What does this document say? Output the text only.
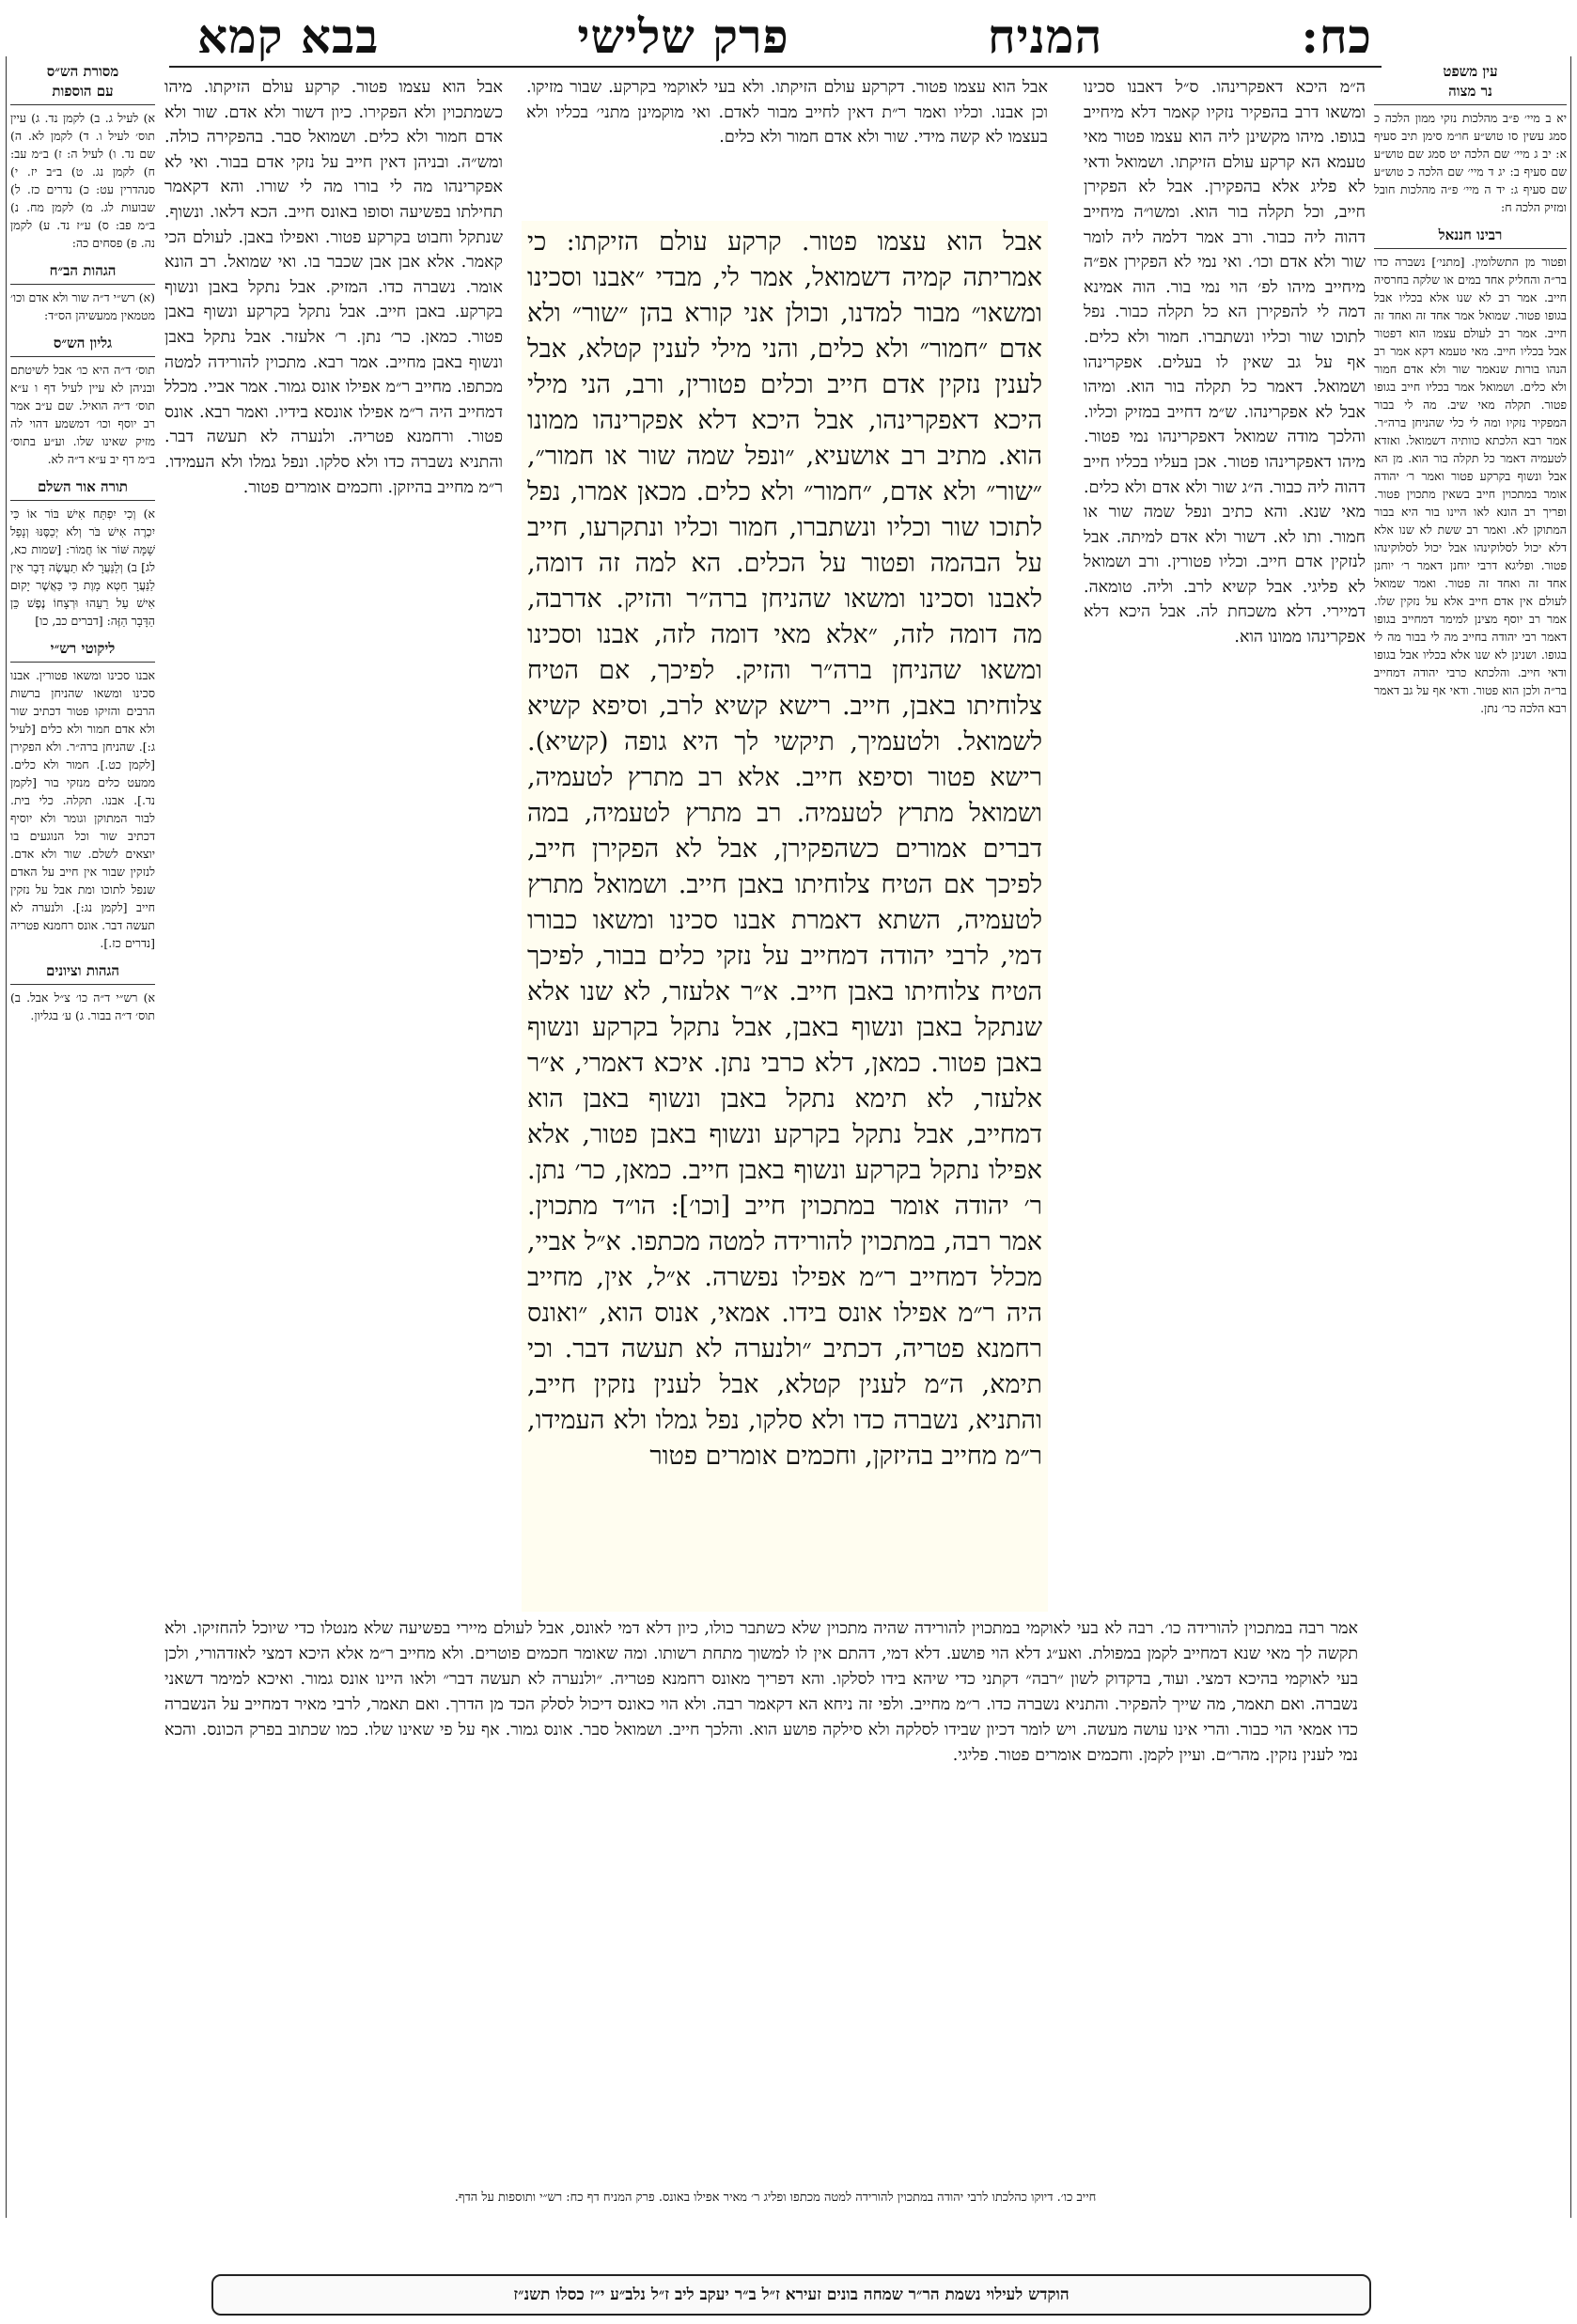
כח:
המניח
פרק שלישי
בבא קמא
עין משפט
נר מצוה
יא ב מיי׳ פ״ב מהלכות נזקי ממון הלכה כ סמג עשין סו טוש״ע חו״מ סימן תיב סעיף א: יב ג מיי׳ שם הלכה יט סמג שם טוש״ע שם סעיף ב: יג ד מיי׳ שם הלכה כ טוש״ע שם סעיף ג: יד ה מיי׳ פ״ה מהלכות חובל ומזיק הלכה ח:
רבינו חננאל
ופטור מן התשלומין. [מתני׳] נשברה כדו בר״ה והחליק אחד במים או שלקה בחרסיה חייב. אמר רב לא שנו אלא בכליו אבל בגופו פטור. שמואל אמר אחד זה ואחד זה חייב. אמר רב לעולם עצמו הוא דפטור אבל בכליו חייב. מאי טעמא דקא אמר רב הנהו בורות שנאמר שור ולא אדם חמור ולא כלים. ושמואל אמר בכליו חייב בגופו פטור. תקלה מאי שיב. מה לי בבור המפקיר נזקיו ומה לי כלי שהניחן ברה״ר. אמר רבא הלכתא כוותיה דשמואל. ואזדא לטעמיה דאמר כל תקלה בור הוא. מן הא אבל ונשוף בקרקע פטור ואמר ר׳ יהודה אומר במתכוין חייב בשאין מתכוין פטור. ופריך רב הונא לאו היינו בור היא בבור המתוקן לא. ואמר רב ששת לא שנו אלא דלא יכול לסלוקינהו אבל יכול לסלוקינהו פטור. ופליגא דרבי יוחנן דאמר ר׳ יוחנן אחד זה ואחד זה פטור. ואמר שמואל לעולם אין אדם חייב אלא על נזקין שלו. אמר רב יוסף מצינן למימר דמחייב בגופו דאמר רבי יהודה בחייב מה לי בבור מה לי בגופו. ושנינן לא שנו אלא בכליו אבל בגופו ודאי חייב. והלכתא כרבי יהודה דמחייב בר״ה ולכן הוא פטור. ודאי אף על גב דאמר רבא הלכה כר׳ נתן.
מסורת הש״ס
עם הוספות
א) לעיל ג. ב) לקמן נד. ג) עיין תוס׳ לעיל ו. ד) לקמן לא. ה) שם נד. ו) לעיל ה: ז) ב״מ עב: ח) לקמן נג. ט) ב״ב יז. י) סנהדרין עט: כ) נדרים כז. ל) שבועות לג. מ) לקמן מח. נ) ב״מ פב: ס) ע״ז נד. ע) לקמן נה. פ) פסחים כה:
הגהות הב״ח
(א) רש״י ד״ה שור ולא אדם וכו׳ מטמאין ממעשיהן הס״ד:
גליון הש״ס
תוס׳ ד״ה היא כו׳ אבל לשיטתם ובניהן לא עיין לעיל דף ו ע״א תוס׳ ד״ה הואיל. שם ע״ב אמר רב יוסף וכו׳ דמשמע דהוי לה מזיק שאינו שלו. וע״ע בתוס׳ ב״מ דף יב ע״א ד״ה לא.
תורה אור השלם
א) וְכִי יִפְתַּח אִישׁ בּוֹר אוֹ כִּי יִכְרֶה אִישׁ בֹּר וְלֹא יְכַסֶּנּוּ וְנָפַל שָׁמָּה שּׁוֹר אוֹ חֲמוֹר: [שמות כא, לג] ב) וְלַנַּעֲרָ לֹא תַעֲשֶׂה דָבָר אֵין לַנַּעֲרָ חֵטְא מָוֶת כִּי כַּאֲשֶׁר יָקוּם אִישׁ עַל רֵעֵהוּ וּרְצָחוֹ נֶפֶשׁ כֵּן הַדָּבָר הַזֶּה: [דברים כב, כו]
ליקוטי רש״י
אבנו סכינו ומשאו פטורין. אבנו סכינו ומשאו שהניחן ברשות הרבים והזיקו פטור דכתיב שור ולא אדם חמור ולא כלים [לעיל ג:]. שהניחן ברה״ר. ולא הפקירן [לקמן כט.]. חמור ולא כלים. ממעט כלים מנזקי בור [לקמן נד.]. אבנו. תקלה. כלי בית. לבור המתוקן וגומר ולא יוסיף דכתיב שור וכל הנוגעים בו יוצאים לשלם. שור ולא אדם. לנזקין שבור אין חייב על האדם שנפל לתוכו ומת אבל על נזקין חייב [לקמן נג:]. ולנערה לא תעשה דבר. אונס רחמנא פטריה [נדרים כז.].
הגהות וציונים
א) רש״י ד״ה כו׳ צ״ל אבל. ב) תוס׳ ד״ה בבור. ג) ע׳ בגליון.
אבל הוא עצמו פטור. דקרקע עולם הזיקתו. ולא בעי לאוקמי בקרקע. שבור מזיקו. וכן אבנו. וכליו ואמר ר״ת דאין לחייב מבור לאדם. ואי מוקמינן מתני׳ בכליו ולא בעצמו לא קשה מידי. שור ולא אדם חמור ולא כלים.
ה״מ היכא דאפקרינהו. ס״ל דאבנו סכינו ומשאו דרב בהפקיר נזקיו קאמר דלא מיחייב בגופו. מיהו מקשינן ליה הוא עצמו פטור מאי טעמא הא קרקע עולם הזיקתו. ושמואל ודאי לא פליג אלא בהפקירן. אבל לא הפקירן חייב, וכל תקלה בור הוא. ומשו״ה מיחייב דהוה ליה כבור. ורב אמר דלמה ליה לומר שור ולא אדם וכו׳. ואי נמי לא הפקירן אפ״ה מיחייב מיהו לפ׳ הוי נמי בור. הוה אמינא דמה לי להפקירן הא כל תקלה כבור. נפל לתוכו שור וכליו ונשתברו. חמור ולא כלים. אף על גב שאין לו בעלים. אפקרינהו ושמואל. דאמר כל תקלה בור הוא. ומיהו אבל לא אפקרינהו. ש״מ דחייב במזיק וכליו. והלכך מודה שמואל דאפקרינהו נמי פטור. מיהו דאפקרינהו פטור. אכן בעליו בכליו חייב דהוה ליה כבור. ה״ג שור ולא אדם ולא כלים. מאי שנא. והא כתיב ונפל שמה שור או חמור. ותו לא. דשור ולא אדם למיתה. אבל לנזקין אדם חייב. וכליו פטורין. ורב ושמואל לא פליגי. אבל קשיא לרב. וליה. טומאה. דמיירי. דלא משכחת לה. אבל היכא דלא אפקרינהו ממונו הוא.
אבל הוא עצמו פטור. קרקע עולם הזיקתו. מיהו כשמתכוין ולא הפקירו. כיון דשור ולא אדם. שור ולא אדם חמור ולא כלים. ושמואל סבר. בהפקירה כולה. ומש״ה. ובניהן דאין חייב על נזקי אדם בבור. ואי לא אפקרינהו מה לי בורו מה לי שורו. והא דקאמר תחילתו בפשיעה וסופו באונס חייב. הכא דלאו. ונשוף. שנתקל וחבוט בקרקע פטור. ואפילו באבן. לעולם הכי קאמר. אלא אבן אבן שכבר בו. ואי שמואל. רב הונא אומר. נשברה כדו. המזיק. אבל נתקל באבן ונשוף בקרקע. באבן חייב. אבל נתקל בקרקע ונשוף באבן פטור. כמאן. כר׳ נתן. ר׳ אלעזר. אבל נתקל באבן ונשוף באבן מחייב. אמר רבא. מתכוין להורידה למטה מכתפו. מחייב ר״מ אפילו אונס גמור. אמר אביי. מכלל דמחייב היה ר״מ אפילו אונסא בידיו. ואמר רבא. אונס פטור. ורחמנא פטריה. ולנערה לא תעשה דבר. והתניא נשברה כדו ולא סלקו. ונפל גמלו ולא העמידו. ר״מ מחייב בהיזקן. וחכמים אומרים פטור.
אבל הוא עצמו פטור. קרקע עולם הזיקתו: כי אמריתה קמיה דשמואל, אמר לי, מבדי ״אבנו וסכינו ומשאו״ מבור למדנו, וכולן אני קורא בהן ״שור״ ולא אדם ״חמור״ ולא כלים, והני מילי לענין קטלא, אבל לענין נזקין אדם חייב וכלים פטורין, ורב, הני מילי היכא דאפקרינהו, אבל היכא דלא אפקרינהו ממונו הוא. מתיב רב אושעיא, ״ונפל שמה שור או חמור״, ״שור״ ולא אדם, ״חמור״ ולא כלים. מכאן אמרו, נפל לתוכו שור וכליו ונשתברו, חמור וכליו ונתקרעו, חייב על הבהמה ופטור על הכלים. הא למה זה דומה, לאבנו וסכינו ומשאו שהניחן ברה״ר והזיק. אדרבה, מה דומה לזה, ״אלא מאי דומה לזה, אבנו וסכינו ומשאו שהניחן ברה״ר והזיק. לפיכך, אם הטיח צלוחיתו באבן, חייב. רישא קשיא לרב, וסיפא קשיא לשמואל. ולטעמיך, תיקשי לך היא גופה (קשיא). רישא פטור וסיפא חייב. אלא רב מתרץ לטעמיה, ושמואל מתרץ לטעמיה. רב מתרץ לטעמיה, במה דברים אמורים כשהפקירן, אבל לא הפקירן חייב, לפיכך אם הטיח צלוחיתו באבן חייב. ושמואל מתרץ לטעמיה, השתא דאמרת אבנו סכינו ומשאו כבורו דמי, לרבי יהודה דמחייב על נזקי כלים בבור, לפיכך הטיח צלוחיתו באבן חייב. א״ר אלעזר, לא שנו אלא שנתקל באבן ונשוף באבן, אבל נתקל בקרקע ונשוף באבן פטור. כמאן, דלא כרבי נתן. איכא דאמרי, א״ר אלעזר, לא תימא נתקל באבן ונשוף באבן הוא דמחייב, אבל נתקל בקרקע ונשוף באבן פטור, אלא אפילו נתקל בקרקע ונשוף באבן חייב. כמאן, כר׳ נתן. ר׳ יהודה אומר במתכוין חייב [וכו׳]: הו״ד מתכוין. אמר רבה, במתכוין להורידה למטה מכתפו. א״ל אביי, מכלל דמחייב ר״מ אפילו נפשרה. א״ל, אין, מחייב היה ר״מ אפילו אונס בידו. אמאי, אנוס הוא, ״ואונס רחמנא פטריה, דכתיב ״ולנערה לא תעשה דבר. וכי תימא, ה״מ לענין קטלא, אבל לענין נזקין חייב, והתניא, נשברה כדו ולא סלקו, נפל גמלו ולא העמידו, ר״מ מחייב בהיזקן, וחכמים אומרים פטור
אמר רבה במתכוין להורידה כו׳. רבה לא בעי לאוקמי במתכוין להורידה שהיה מתכוין שלא כשתבר כולו, כיון דלא דמי לאונס, אבל לעולם מיירי בפשיעה שלא מנטלו כדי שיוכל להחזיקו. ולא תקשה לך מאי שנא דמחייב לקמן במפולת. ואע״ג דלא הוי פושע. דלא דמי, דהתם אין לו למשוך מתחת רשותו. ומה שאומר חכמים פוטרים. ולא מחייב ר״מ אלא היכא דמצי לאזדהורי, ולכן בעי לאוקמי בהיכא דמצי. ועוד, בדקדוק לשון ״רבה״ דקתני כדי שיהא בידו לסלקו. והא דפריך מאונס רחמנא פטריה. ״ולנערה לא תעשה דבר״ ולאו היינו אונס גמור. ואיכא למימר דשאני נשברה. ואם תאמר, מה שייך להפקיר. והתניא נשברה כדו. ר״מ מחייב. ולפי זה ניחא הא דקאמר רבה. ולא הוי כאונס דיכול לסלק הכד מן הדרך. ואם תאמר, לרבי מאיר דמחייב על הנשברה כדו אמאי הוי כבור. והרי אינו עושה מעשה. ויש לומר דכיון שבידו לסלקה ולא סילקה פושע הוא. והלכך חייב. ושמואל סבר. אונס גמור. אף על פי שאינו שלו. כמו שכתוב בפרק הכונס. והכא נמי לענין נזקין. מהר״ם. ועיין לקמן. וחכמים אומרים פטור. פליגי.
חייב כו׳. דיוקו כהלכתו לרבי יהודה במתכוין להורידה למטה מכתפו ופליג ר׳ מאיר אפילו באונס. פרק המניח דף כח: רש״י ותוספות על הדף.
הוקדש לעילוי נשמת הר״ר שמחה בונים זעירא ז״ל ב״ר יעקב ליב ז״ל נלב״ע י״ז כסלו תשנ״ז
